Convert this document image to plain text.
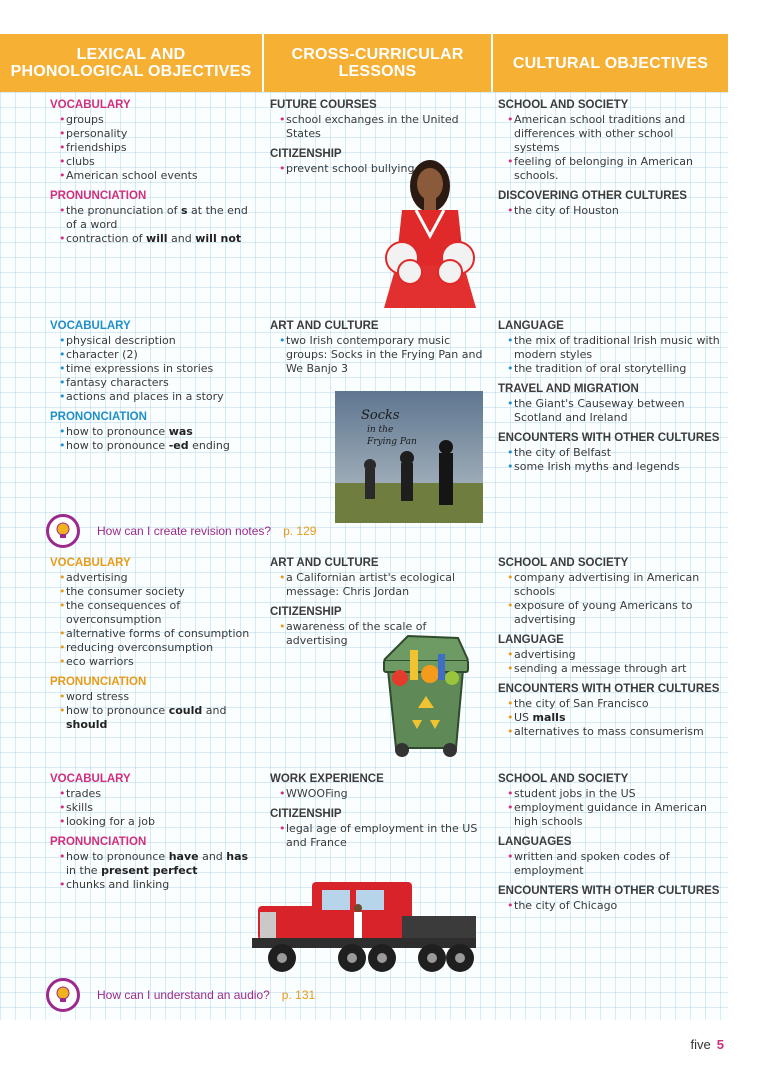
LEXICAL AND PHONOLOGICAL OBJECTIVES
CROSS-CURRICULAR LESSONS	CULTURAL OBJECTIVES
VOCABULARY
• groups
• personality
• friendships
• clubs
• American school events
PRONUNCIATION
• the pronunciation of s at the end of a word
• contraction of will and will not
FUTURE COURSES
• school exchanges in the United States
CITIZENSHIP
• prevent school bullying
SCHOOL AND SOCIETY
• American school traditions and differences with other school systems
• feeling of belonging in American schools.
DISCOVERING OTHER CULTURES
• the city of Houston
VOCABULARY
• physical description
• character (2)
• time expressions in stories
• fantasy characters
• actions and places in a story
PRONONCIATION
• how to pronounce was
• how to pronounce -ed ending
ART AND CULTURE
• two Irish contemporary music groups: Socks in the Frying Pan and We Banjo 3
LANGUAGE
• the mix of traditional Irish music with modern styles
• the tradition of oral storytelling
TRAVEL AND MIGRATION
• the Giant's Causeway between Scotland and Ireland
ENCOUNTERS WITH OTHER CULTURES
• the city of Belfast
• some Irish myths and legends
Socks in the Frying Pan
How can I create revision notes? p. 129
VOCABULARY
• advertising
• the consumer society
• the consequences of overconsumption
• alternative forms of consumption
• reducing overconsumption
• eco warriors
PRONUNCIATION
• word stress
• how to pronounce could and should
ART AND CULTURE
• a Californian artist's ecological message: Chris Jordan
CITIZENSHIP
• awareness of the scale of advertising
SCHOOL AND SOCIETY
• company advertising in American schools
• exposure of young Americans to advertising
LANGUAGE
• advertising
• sending a message through art
ENCOUNTERS WITH OTHER CULTURES
• the city of San Francisco
• US malls
• alternatives to mass consumerism
VOCABULARY
• trades
• skills
• looking for a job
PRONUNCIATION
• how to pronounce have and has in the present perfect
• chunks and linking
WORK EXPERIENCE
• WWOOFing
CITIZENSHIP
• legal age of employment in the US and France
SCHOOL AND SOCIETY
• student jobs in the US
• employment guidance in American high schools
LANGUAGES
• written and spoken codes of employment
ENCOUNTERS WITH OTHER CULTURES
• the city of Chicago
How can I understand an audio? p. 131
five 5
